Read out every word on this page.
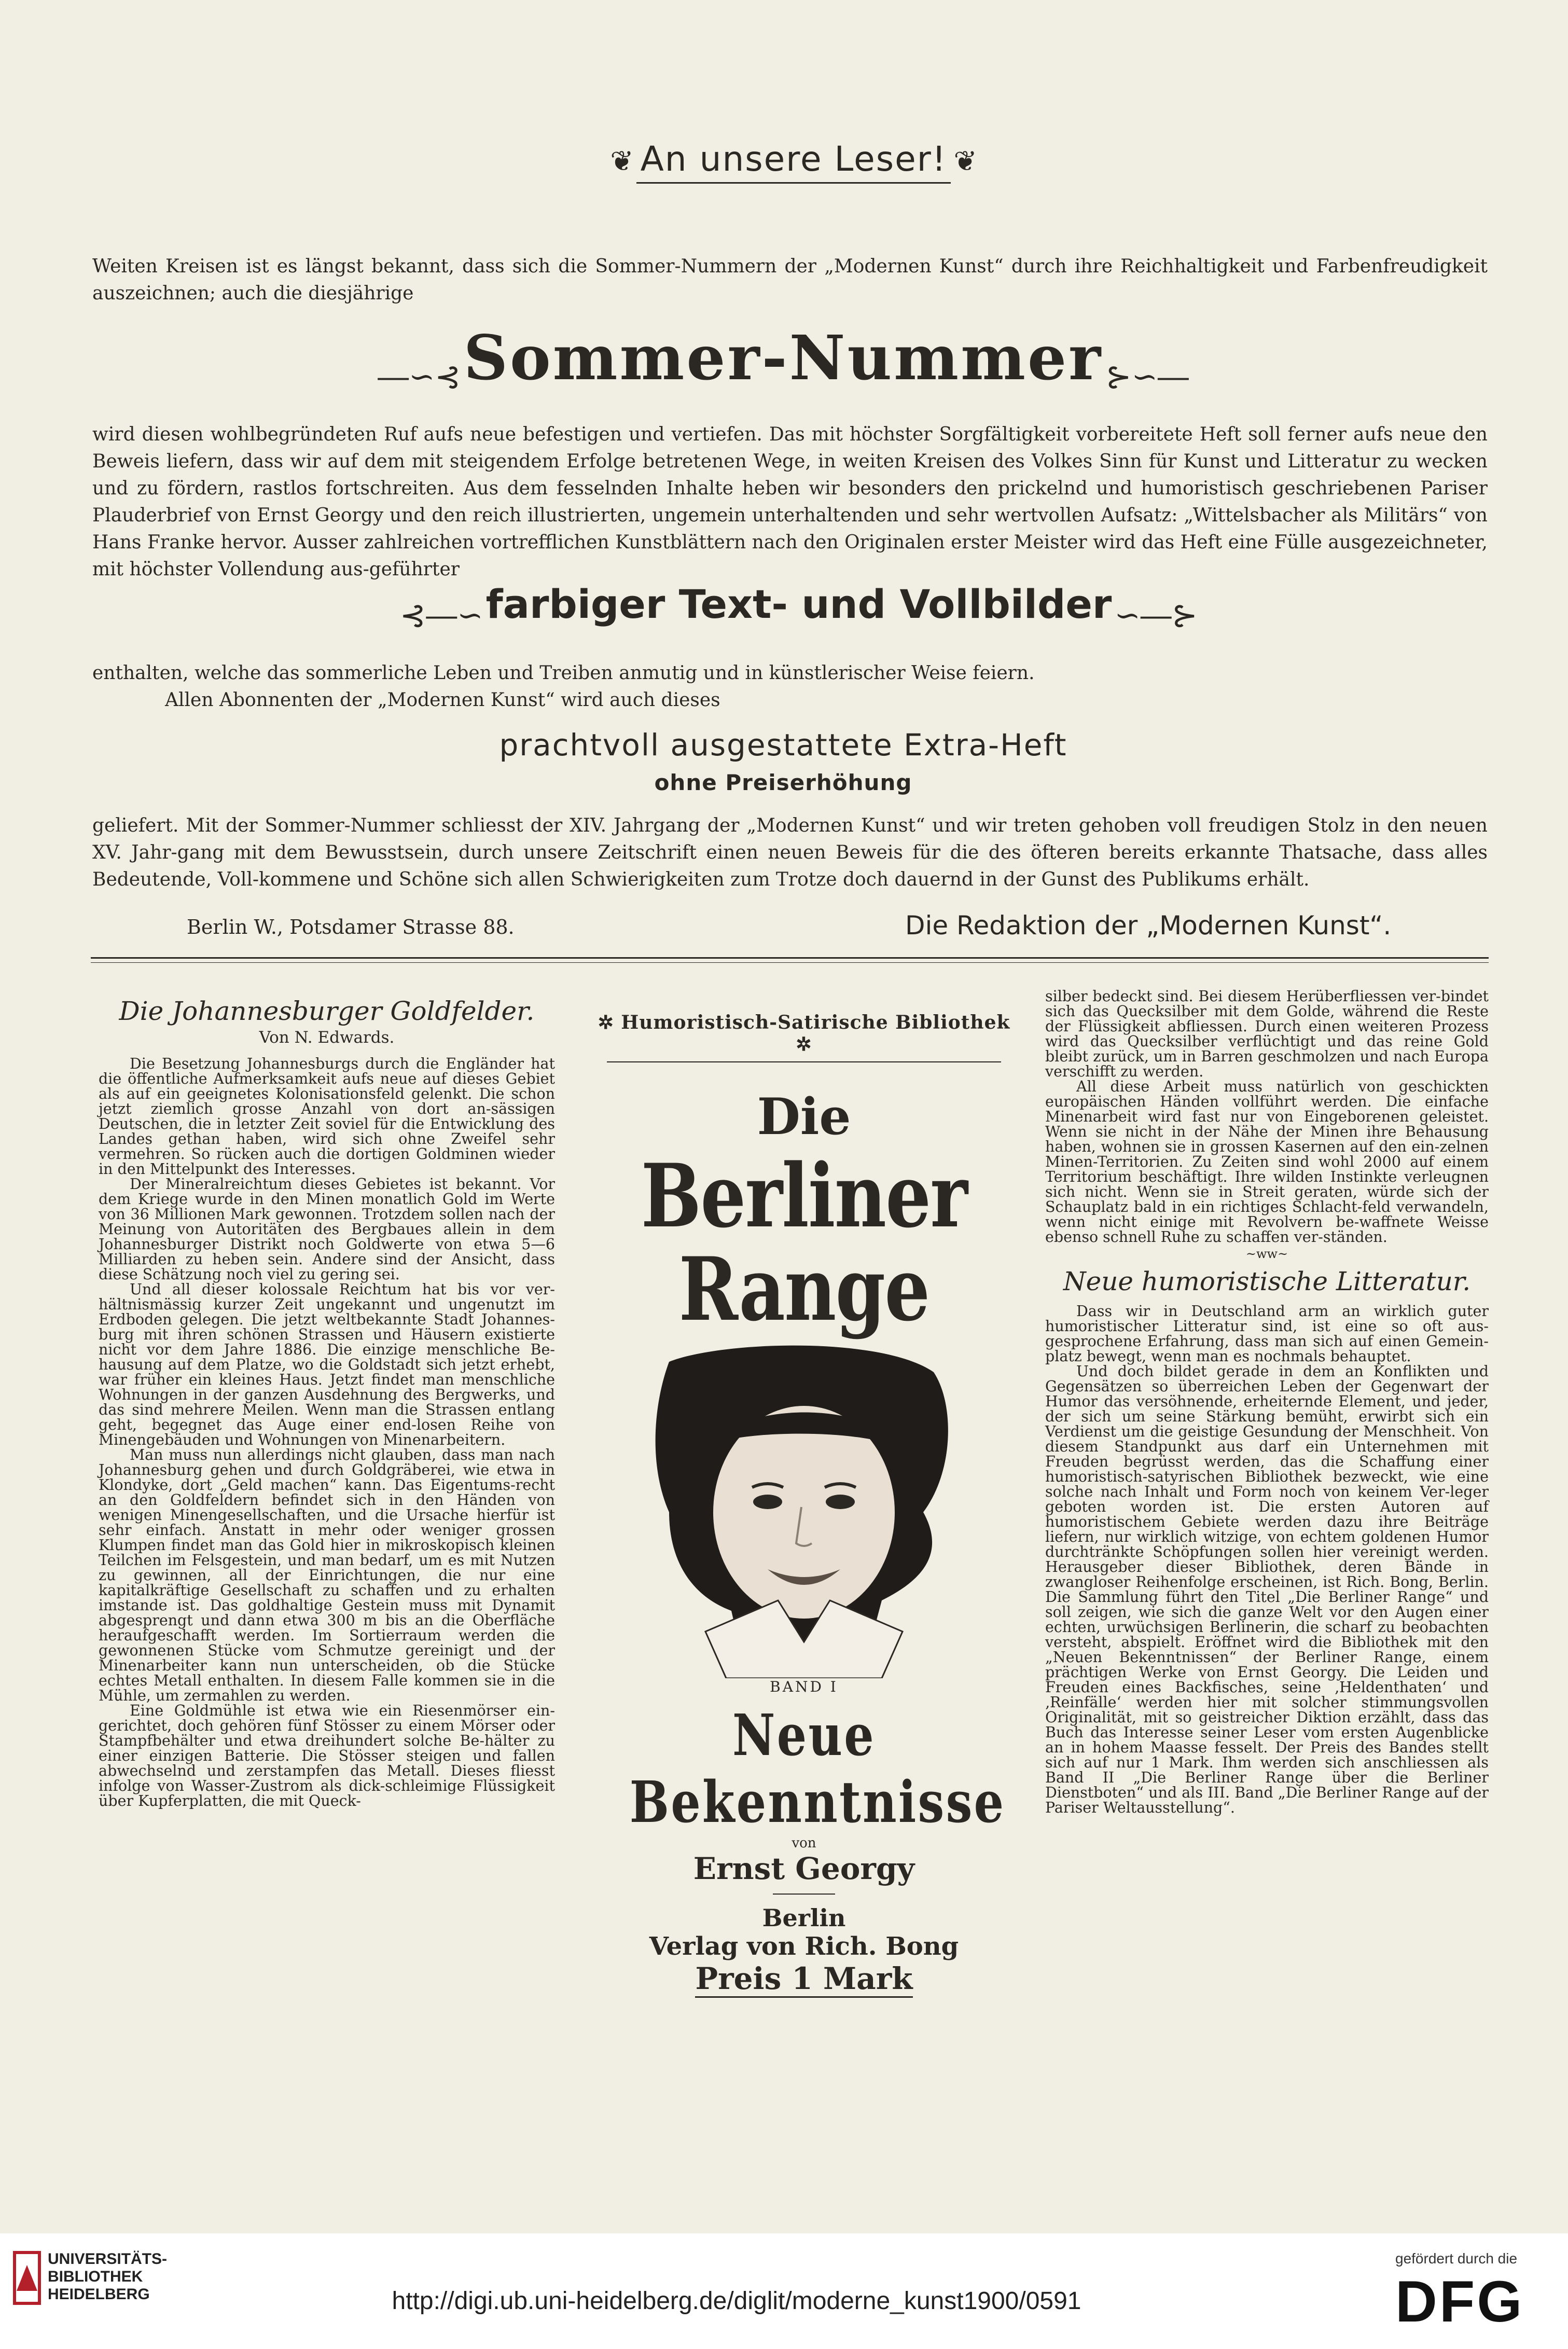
❦ An unsere Leser! ❦

Weiten Kreisen ist es längst bekannt, dass sich die Sommer-Nummern der „Modernen Kunst“ durch ihre Reichhaltigkeit und Farbenfreudigkeit auszeichnen; auch die diesjährige

―∽⊰ Sommer-Nummer ⊱∽―

wird diesen wohlbegründeten Ruf aufs neue befestigen und vertiefen. Das mit höchster Sorgfältigkeit vorbereitete Heft soll ferner aufs neue den Beweis liefern, dass wir auf dem mit steigendem Erfolge betretenen Wege, in weiten Kreisen des Volkes Sinn für Kunst und Litteratur zu wecken und zu fördern, rastlos fortschreiten. Aus dem fesselnden Inhalte heben wir besonders den prickelnd und humoristisch geschriebenen Pariser Plauderbrief von Ernst Georgy und den reich illustrierten, ungemein unterhaltenden und sehr wertvollen Aufsatz: „Wittelsbacher als Militärs“ von Hans Franke hervor. Ausser zahlreichen vortrefflichen Kunstblättern nach den Originalen erster Meister wird das Heft eine Fülle ausgezeichneter, mit höchster Vollendung aus-geführter

⊰―∽ farbiger Text- und Vollbilder ∽―⊱

enthalten, welche das sommerliche Leben und Treiben anmutig und in künstlerischer Weise feiern.

Allen Abonnenten der „Modernen Kunst“ wird auch dieses

prachtvoll ausgestattete Extra-Heft
ohne Preiserhöhung

geliefert. Mit der Sommer-Nummer schliesst der XIV. Jahrgang der „Modernen Kunst“ und wir treten gehoben voll freudigen Stolz in den neuen XV. Jahr-gang mit dem Bewusstsein, durch unsere Zeitschrift einen neuen Beweis für die des öfteren bereits erkannte Thatsache, dass alles Bedeutende, Voll-kommene und Schöne sich allen Schwierigkeiten zum Trotze doch dauernd in der Gunst des Publikums erhält.

Berlin W., Potsdamer Strasse 88.	Die Redaktion der „Modernen Kunst“.
Die Johannesburger Goldfelder.
Von N. Edwards.

Die Besetzung Johannesburgs durch die Engländer hat die öffentliche Aufmerksamkeit aufs neue auf dieses Gebiet als auf ein geeignetes Kolonisationsfeld gelenkt. Die schon jetzt ziemlich grosse Anzahl von dort an-sässigen Deutschen, die in letzter Zeit soviel für die Entwicklung des Landes gethan haben, wird sich ohne Zweifel sehr vermehren. So rücken auch die dortigen Goldminen wieder in den Mittelpunkt des Interesses.

Der Mineralreichtum dieses Gebietes ist bekannt. Vor dem Kriege wurde in den Minen monatlich Gold im Werte von 36 Millionen Mark gewonnen. Trotzdem sollen nach der Meinung von Autoritäten des Bergbaues allein in dem Johannesburger Distrikt noch Goldwerte von etwa 5—6 Milliarden zu heben sein. Andere sind der Ansicht, dass diese Schätzung noch viel zu gering sei.

Und all dieser kolossale Reichtum hat bis vor ver-hältnismässig kurzer Zeit ungekannt und ungenutzt im Erdboden gelegen. Die jetzt weltbekannte Stadt Johannes-burg mit ihren schönen Strassen und Häusern existierte nicht vor dem Jahre 1886. Die einzige menschliche Be-hausung auf dem Platze, wo die Goldstadt sich jetzt erhebt, war früher ein kleines Haus. Jetzt findet man menschliche Wohnungen in der ganzen Ausdehnung des Bergwerks, und das sind mehrere Meilen. Wenn man die Strassen entlang geht, begegnet das Auge einer end-losen Reihe von Minengebäuden und Wohnungen von Minenarbeitern.

Man muss nun allerdings nicht glauben, dass man nach Johannesburg gehen und durch Goldgräberei, wie etwa in Klondyke, dort „Geld machen“ kann. Das Eigentums-recht an den Goldfeldern befindet sich in den Händen von wenigen Minengesellschaften, und die Ursache hierfür ist sehr einfach. Anstatt in mehr oder weniger grossen Klumpen findet man das Gold hier in mikroskopisch kleinen Teilchen im Felsgestein, und man bedarf, um es mit Nutzen zu gewinnen, all der Einrichtungen, die nur eine kapitalkräftige Gesellschaft zu schaffen und zu erhalten imstande ist. Das goldhaltige Gestein muss mit Dynamit abgesprengt und dann etwa 300 m bis an die Oberfläche heraufgeschafft werden. Im Sortierraum werden die gewonnenen Stücke vom Schmutze gereinigt und der Minenarbeiter kann nun unterscheiden, ob die Stücke echtes Metall enthalten. In diesem Falle kommen sie in die Mühle, um zermahlen zu werden.

Eine Goldmühle ist etwa wie ein Riesenmörser ein-gerichtet, doch gehören fünf Stösser zu einem Mörser oder Stampfbehälter und etwa dreihundert solche Be-hälter zu einer einzigen Batterie. Die Stösser steigen und fallen abwechselnd und zerstampfen das Metall. Dieses fliesst infolge von Wasser-Zustrom als dick-schleimige Flüssigkeit über Kupferplatten, die mit Queck-

✲ Humoristisch-Satirische Bibliothek ✲
Die
Berliner Range
BAND I
Neue Bekenntnisse
von
Ernst Georgy
Berlin
Verlag von Rich. Bong
Preis 1 Mark

silber bedeckt sind. Bei diesem Herüberfliessen ver-bindet sich das Quecksilber mit dem Golde, während die Reste der Flüssigkeit abfliessen. Durch einen weiteren Prozess wird das Quecksilber verflüchtigt und das reine Gold bleibt zurück, um in Barren geschmolzen und nach Europa verschifft zu werden.

All diese Arbeit muss natürlich von geschickten europäischen Händen vollführt werden. Die einfache Minenarbeit wird fast nur von Eingeborenen geleistet. Wenn sie nicht in der Nähe der Minen ihre Behausung haben, wohnen sie in grossen Kasernen auf den ein-zelnen Minen-Territorien. Zu Zeiten sind wohl 2000 auf einem Territorium beschäftigt. Ihre wilden Instinkte verleugnen sich nicht. Wenn sie in Streit geraten, würde sich der Schauplatz bald in ein richtiges Schlacht-feld verwandeln, wenn nicht einige mit Revolvern be-waffnete Weisse ebenso schnell Ruhe zu schaffen ver-ständen.

~ww~
Neue humoristische Litteratur.

Dass wir in Deutschland arm an wirklich guter humoristischer Litteratur sind, ist eine so oft aus-gesprochene Erfahrung, dass man sich auf einen Gemein-platz bewegt, wenn man es nochmals behauptet.

Und doch bildet gerade in dem an Konflikten und Gegensätzen so überreichen Leben der Gegenwart der Humor das versöhnende, erheiternde Element, und jeder, der sich um seine Stärkung bemüht, erwirbt sich ein Verdienst um die geistige Gesundung der Menschheit. Von diesem Standpunkt aus darf ein Unternehmen mit Freuden begrüsst werden, das die Schaffung einer humoristisch-satyrischen Bibliothek bezweckt, wie eine solche nach Inhalt und Form noch von keinem Ver-leger geboten worden ist. Die ersten Autoren auf humoristischem Gebiete werden dazu ihre Beiträge liefern, nur wirklich witzige, von echtem goldenen Humor durchtränkte Schöpfungen sollen hier vereinigt werden. Herausgeber dieser Bibliothek, deren Bände in zwangloser Reihenfolge erscheinen, ist Rich. Bong, Berlin. Die Sammlung führt den Titel „Die Berliner Range“ und soll zeigen, wie sich die ganze Welt vor den Augen einer echten, urwüchsigen Berlinerin, die scharf zu beobachten versteht, abspielt. Eröffnet wird die Bibliothek mit den „Neuen Bekenntnissen“ der Berliner Range, einem prächtigen Werke von Ernst Georgy. Die Leiden und Freuden eines Backfisches, seine ‚Heldenthaten‘ und ‚Reinfälle‘ werden hier mit solcher stimmungsvollen Originalität, mit so geistreicher Diktion erzählt, dass das Buch das Interesse seiner Leser vom ersten Augenblicke an in hohem Maasse fesselt. Der Preis des Bandes stellt sich auf nur 1 Mark. Ihm werden sich anschliessen als Band II „Die Berliner Range über die Berliner Dienstboten“ und als III. Band „Die Berliner Range auf der Pariser Weltausstellung“.

UNIVERSITÄTS-
BIBLIOTHEK
HEIDELBERG	http://digi.ub.uni-heidelberg.de/diglit/moderne_kunst1900/0591
gefördert durch die
DFG
